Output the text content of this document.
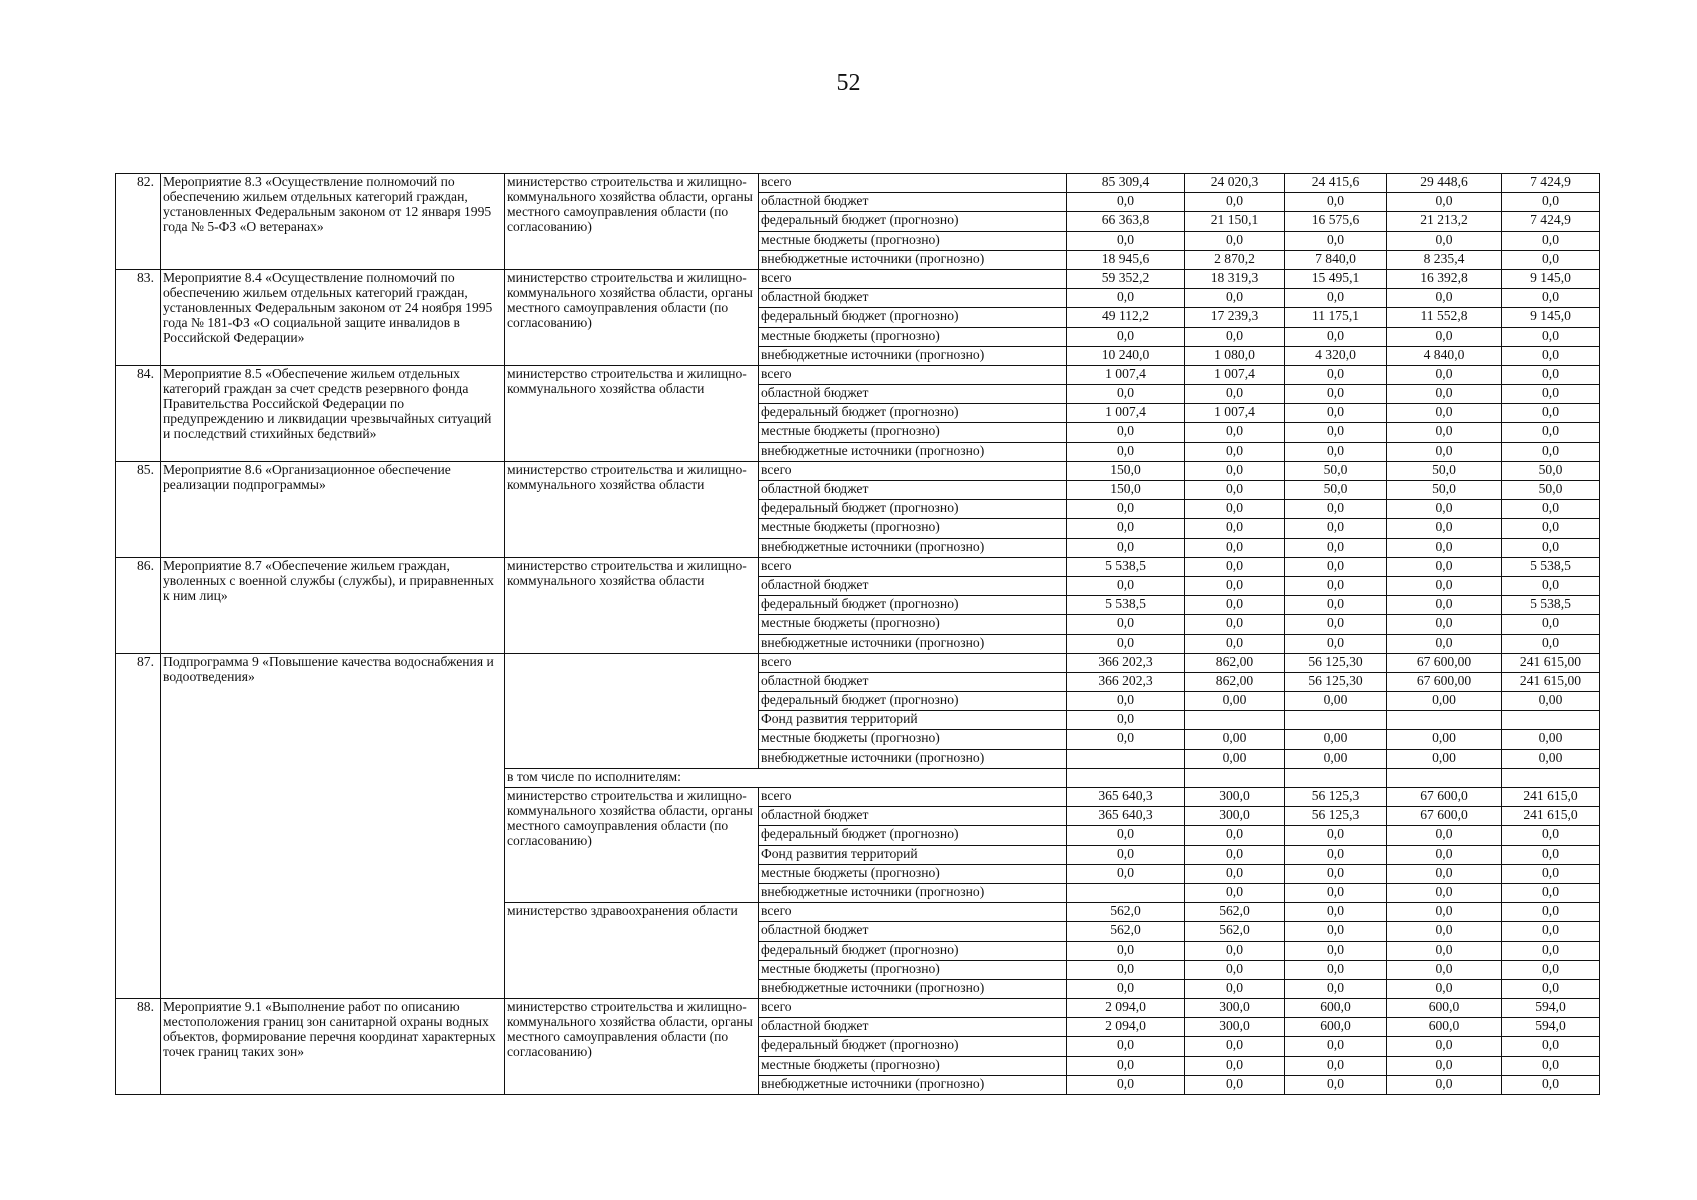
52
82.	Мероприятие 8.3 «Осуществление полномочий по обеспечению жильем отдельных категорий граждан, установленных Федеральным законом от 12 января 1995 года № 5-ФЗ «О ветеранах»	министерство строительства и жилищно-коммунального хозяйства области, органы местного самоуправления области (по согласованию)	всего	85 309,4	24 020,3	24 415,6	29 448,6	7 424,9
			областной бюджет	0,0	0,0	0,0	0,0	0,0
			федеральный бюджет (прогнозно)	66 363,8	21 150,1	16 575,6	21 213,2	7 424,9
			местные бюджеты (прогнозно)	0,0	0,0	0,0	0,0	0,0
			внебюджетные источники (прогнозно)	18 945,6	2 870,2	7 840,0	8 235,4	0,0
83.	Мероприятие 8.4 «Осуществление полномочий по обеспечению жильем отдельных категорий граждан, установленных Федеральным законом от 24 ноября 1995 года № 181-ФЗ «О социальной защите инвалидов в Российской Федерации»	министерство строительства и жилищно-коммунального хозяйства области, органы местного самоуправления области (по согласованию)	всего	59 352,2	18 319,3	15 495,1	16 392,8	9 145,0
			областной бюджет	0,0	0,0	0,0	0,0	0,0
			федеральный бюджет (прогнозно)	49 112,2	17 239,3	11 175,1	11 552,8	9 145,0
			местные бюджеты (прогнозно)	0,0	0,0	0,0	0,0	0,0
			внебюджетные источники (прогнозно)	10 240,0	1 080,0	4 320,0	4 840,0	0,0
84.	Мероприятие 8.5 «Обеспечение жильем отдельных категорий граждан за счет средств резервного фонда Правительства Российской Федерации по предупреждению и ликвидации чрезвычайных ситуаций и последствий стихийных бедствий»	министерство строительства и жилищно-коммунального хозяйства области	всего	1 007,4	1 007,4	0,0	0,0	0,0
			областной бюджет	0,0	0,0	0,0	0,0	0,0
			федеральный бюджет (прогнозно)	1 007,4	1 007,4	0,0	0,0	0,0
			местные бюджеты (прогнозно)	0,0	0,0	0,0	0,0	0,0
			внебюджетные источники (прогнозно)	0,0	0,0	0,0	0,0	0,0
85.	Мероприятие 8.6 «Организационное обеспечение реализации подпрограммы»	министерство строительства и жилищно-коммунального хозяйства области	всего	150,0	0,0	50,0	50,0	50,0
			областной бюджет	150,0	0,0	50,0	50,0	50,0
			федеральный бюджет (прогнозно)	0,0	0,0	0,0	0,0	0,0
			местные бюджеты (прогнозно)	0,0	0,0	0,0	0,0	0,0
			внебюджетные источники (прогнозно)	0,0	0,0	0,0	0,0	0,0
86.	Мероприятие 8.7 «Обеспечение жильем граждан, уволенных с военной службы (службы), и приравненных к ним лиц»	министерство строительства и жилищно-коммунального хозяйства области	всего	5 538,5	0,0	0,0	0,0	5 538,5
			областной бюджет	0,0	0,0	0,0	0,0	0,0
			федеральный бюджет (прогнозно)	5 538,5	0,0	0,0	0,0	5 538,5
			местные бюджеты (прогнозно)	0,0	0,0	0,0	0,0	0,0
			внебюджетные источники (прогнозно)	0,0	0,0	0,0	0,0	0,0
87.	Подпрограмма 9 «Повышение качества водоснабжения и водоотведения»		всего	366 202,3	862,00	56 125,30	67 600,00	241 615,00
			областной бюджет	366 202,3	862,00	56 125,30	67 600,00	241 615,00
			федеральный бюджет (прогнозно)	0,0	0,00	0,00	0,00	0,00
			Фонд развития территорий	0,0				
			местные бюджеты (прогнозно)	0,0	0,00	0,00	0,00	0,00
			внебюджетные источники (прогнозно)		0,00	0,00	0,00	0,00
		в том числе по исполнителям:						
		министерство строительства и жилищно-коммунального хозяйства области, органы местного самоуправления области (по согласованию)	всего	365 640,3	300,0	56 125,3	67 600,0	241 615,0
			областной бюджет	365 640,3	300,0	56 125,3	67 600,0	241 615,0
			федеральный бюджет (прогнозно)	0,0	0,0	0,0	0,0	0,0
			Фонд развития территорий	0,0	0,0	0,0	0,0	0,0
			местные бюджеты (прогнозно)	0,0	0,0	0,0	0,0	0,0
			внебюджетные источники (прогнозно)		0,0	0,0	0,0	0,0
		министерство здравоохранения области	всего	562,0	562,0	0,0	0,0	0,0
			областной бюджет	562,0	562,0	0,0	0,0	0,0
			федеральный бюджет (прогнозно)	0,0	0,0	0,0	0,0	0,0
			местные бюджеты (прогнозно)	0,0	0,0	0,0	0,0	0,0
			внебюджетные источники (прогнозно)	0,0	0,0	0,0	0,0	0,0
88.	Мероприятие 9.1 «Выполнение работ по описанию местоположения границ зон санитарной охраны водных объектов, формирование перечня координат характерных точек границ таких зон»	министерство строительства и жилищно-коммунального хозяйства области, органы местного самоуправления области (по согласованию)	всего	2 094,0	300,0	600,0	600,0	594,0
			областной бюджет	2 094,0	300,0	600,0	600,0	594,0
			федеральный бюджет (прогнозно)	0,0	0,0	0,0	0,0	0,0
			местные бюджеты (прогнозно)	0,0	0,0	0,0	0,0	0,0
			внебюджетные источники (прогнозно)	0,0	0,0	0,0	0,0	0,0
